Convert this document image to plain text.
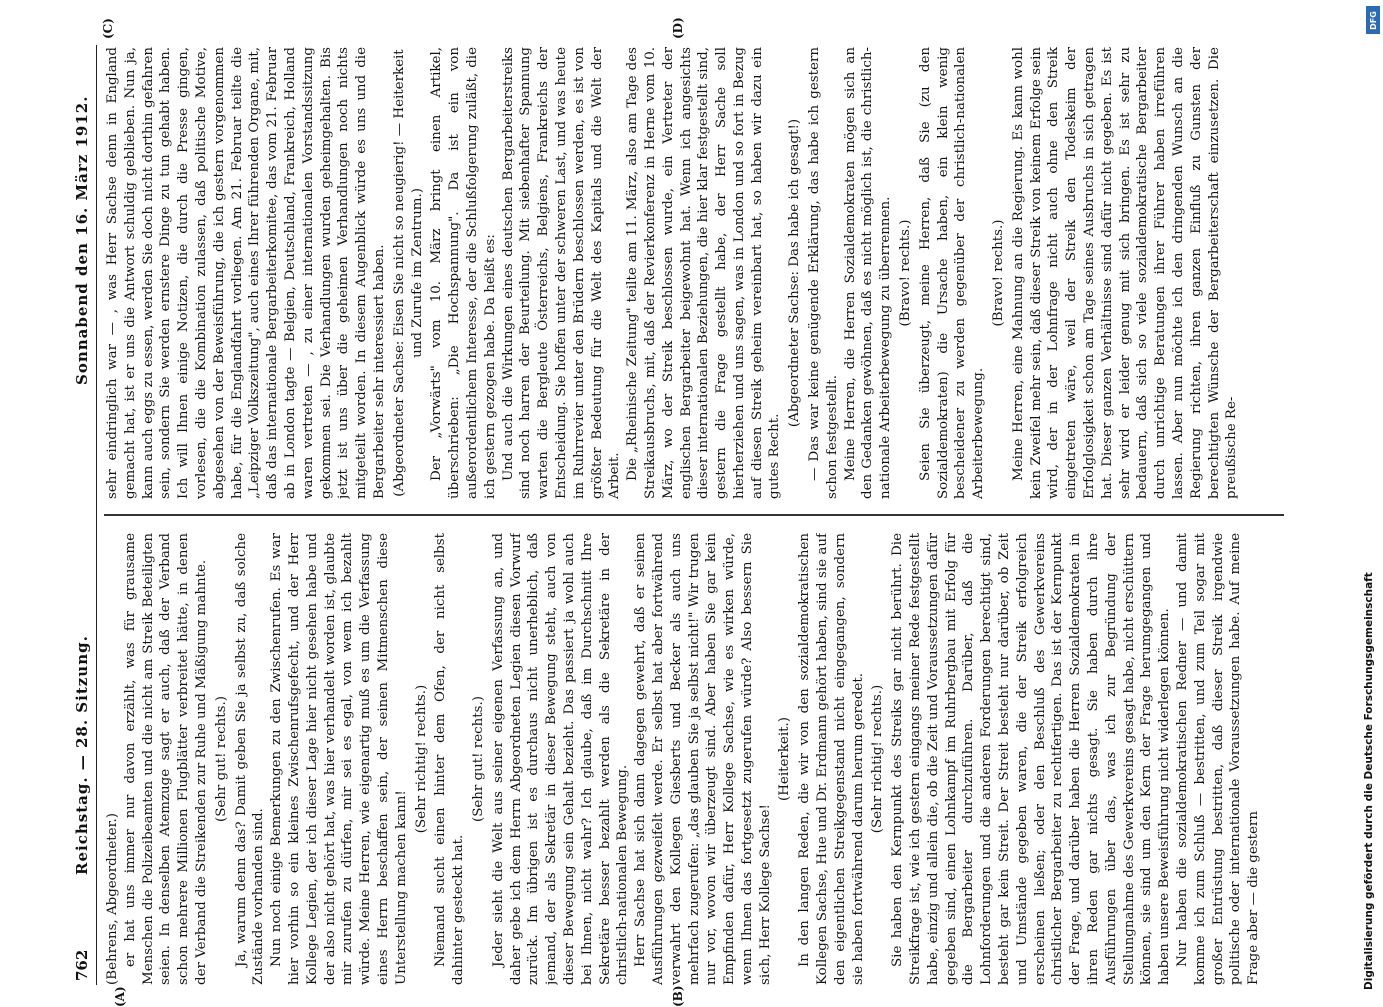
762
Reichstag. — 28. Sitzung.
Sonnabend den 16. März 1912.
(A)	(B)
(C)	(D)

(Behrens, Abgeordneter.) er hat uns immer nur davon erzählt, was für grausame Menschen die Polizeibeamten und die nicht am Streik Beteiligten seien. In denselben Atemzuge sagt er auch, daß der Verband schon mehrere Millionen Flugblätter verbreitet hätte, in denen der Verband die Streikenden zur Ruhe und Mäßigung mahnte. (Sehr gut! rechts.) Ja, warum denn das? Damit geben Sie ja selbst zu, daß solche Zustände vorhanden sind. Nun noch einige Bemerkungen zu den Zwischenrufen. Es war hier vorhin so ein kleines Zwischenrufsgefecht, und der Herr Kollege Legien, der ich dieser Lage hier nicht gesehen habe und der also nicht gehört hat, was hier verhandelt worden ist, glaubte mir zurufen zu dürfen, mir sei es egal, von wem ich bezahlt würde. Meine Herren, wie eigenartig muß es um die Verfassung eines Herrn beschaffen sein, der seinen Mitmenschen diese Unterstellung machen kann!

(Sehr richtig! rechts.) Niemand sucht einen hinter dem Ofen, der nicht selbst dahinter gesteckt hat.

(Sehr gut! rechts.) Jeder sieht die Welt aus seiner eigenen Verfassung an, und daher gebe ich dem Herrn Abgeordneten Legien diesen Vorwurf zurück. Im übrigen ist es durchaus nicht unerheblich, daß jemand, der als Sekretär in dieser Bewegung steht, auch von dieser Bewegung sein Gehalt bezieht. Das passiert ja wohl auch bei Ihnen, nicht wahr? Ich glaube, daß im Durchschnitt Ihre Sekretäre besser bezahlt werden als die Sekretäre in der christlich-nationalen Bewegung. Herr Sachse hat sich dann dagegen gewehrt, daß er seinen Ausführungen gezweifelt werde. Er selbst hat aber fortwährend verwahrt den Kollegen Giesberts und Becker als auch uns mehrfach zugerufen: „das glauben Sie ja selbst nicht!" Wir trugen nur vor, wovon wir überzeugt sind. Aber haben Sie gar kein Empfinden dafür, Herr Kollege Sachse, wie es wirken würde, wenn Ihnen das fortgesetzt zugerufen würde? Also bessern Sie sich, Herr Kollege Sachse!

(Heiterkeit.) In den langen Reden, die wir von den sozialdemokratischen Kollegen Sachse, Hue und Dr. Erdmann gehört haben, sind sie auf den eigentlichen Streikgegenstand nicht eingegangen, sondern sie haben fortwährend darum herum geredet. (Sehr richtig! rechts.) Sie haben den Kernpunkt des Streiks gar nicht berührt. Die Streikfrage ist, wie ich gestern eingangs meiner Rede festgestellt habe, einzig und allein die, ob die Zeit und Voraussetzungen dafür gegeben sind, einen Lohnkampf im Ruhrbergbau mit Erfolg für die Bergarbeiter durchzuführen. Darüber, daß die Lohnforderungen und die anderen Forderungen berechtigt sind, besteht gar kein Streit. Der Streit besteht nur darüber, ob Zeit und Umstände gegeben waren, die der Streik erfolgreich erscheinen ließen; oder den Beschluß des Gewerkvereins christlicher Bergarbeiter zu rechtfertigen. Das ist der Kernpunkt der Frage, und darüber haben die Herren Sozialdemokraten in ihren Reden gar nichts gesagt. Sie haben durch ihre Ausführungen über das, was ich zur Begründung der Stellungnahme des Gewerkvereins gesagt habe, nicht erschüttern können, sie sind um den Kern der Frage herumgegangen und haben unsere Beweisführung nicht widerlegen können. Nur haben die sozialdemokratischen Redner — und damit komme ich zum Schluß — bestritten, und zum Teil sogar mit großer Entrüstung bestritten, daß dieser Streik irgendwie politische oder internationale Voraussetzungen habe. Auf meine Frage aber — die gestern

sehr eindringlich war — , was Herr Sachse denn in England gemacht hat, ist er uns die Antwort schuldig geblieben. Nun ja, kann auch eggs zu essen, werden Sie doch nicht dorthin gefahren sein, sondern Sie werden ernstere Dinge zu tun gehabt haben. Ich will Ihnen einige Notizen, die durch die Presse gingen, vorlesen, die die Kombination zulassen, daß politische Motive, abgesehen von der Beweisführung, die ich gestern vorgenommen habe, für die Englandfahrt vorliegen. Am 21. Februar teilte die „Leipziger Volkszeitung", auch eines Ihrer führenden Organe, mit, daß das internationale Bergarbeiterkomitee, das vom 21. Februar ab in London tagte — Belgien, Deutschland, Frankreich, Holland waren vertreten — , zu einer internationalen Vorstandssitzung gekommen sei. Die Verhandlungen wurden geheimgehalten. Bis jetzt ist uns über die geheimen Verhandlungen noch nichts mitgeteilt worden. In diesem Augenblick würde es uns und die Bergarbeiter sehr interessiert haben. (Abgeordneter Sachse: Eisen Sie nicht so neugierig! — Heiterkeit und Zurufe im Zentrum.) Der „Vorwärts" vom 10. März bringt einen Artikel, überschrieben: „Die Hochspannung". Da ist ein von außerordentlichem Interesse, der die Schlußfolgerung zuläßt, die ich gestern gezogen habe. Da heißt es: Und auch die Wirkungen eines deutschen Bergarbeiterstreiks sind noch harren der Beurteilung. Mit siebenhafter Spannung warten die Bergleute Österreichs, Belgiens, Frankreichs der Entscheidung. Sie hoffen unter der schweren Last, und was heute im Ruhrrevier unter den Brüdern beschlossen werden, es ist von größter Bedeutung für die Welt des Kapitals und die Welt der Arbeit. Die „Rheinische Zeitung" teilte am 11. März, also am Tage des Streikausbruchs, mit, daß der Revierkonferenz in Herne vom 10. März, wo der Streik beschlossen wurde, ein Vertreter der englischen Bergarbeiter beigewohnt hat. Wenn ich angesichts dieser internationalen Beziehungen, die hier klar festgestellt sind, gestern die Frage gestellt habe, der Herr Sache soll hierherziehen und uns sagen, was in London und so fort in Bezug auf diesen Streik geheim vereinbart hat, so haben wir dazu ein gutes Recht.

(Abgeordneter Sachse: Das habe ich gesagt!) — Das war keine genügende Erklärung, das habe ich gestern schon festgestellt. Meine Herren, die Herren Sozialdemokraten mögen sich an den Gedanken gewöhnen, daß es nicht möglich ist, die christlich-nationale Arbeiterbewegung zu überrennen. (Bravo! rechts.) Seien Sie überzeugt, meine Herren, daß Sie (zu den Sozialdemokraten) die Ursache haben, ein klein wenig bescheidener zu werden gegenüber der christlich-nationalen Arbeiterbewegung.

(Bravo! rechts.) Meine Herren, eine Mahnung an die Regierung. Es kann wohl kein Zweifel mehr sein, daß dieser Streik von keinem Erfolge sein wird, der in der Lohnfrage nicht auch ohne den Streik eingetreten wäre, weil der Streik den Todeskeim der Erfolglosigkeit schon am Tage seines Ausbruchs in sich getragen hat. Dieser ganzen Verhältnisse sind dafür nicht gegeben. Es ist sehr wird er leider genug mit sich bringen. Es ist sehr zu bedauern, daß sich so viele sozialdemokratische Bergarbeiter durch unrichtige Beratungen ihrer Führer haben irreführen lassen. Aber nun möchte ich den dringenden Wunsch an die Regierung richten, ihren ganzen Einfluß zu Gunsten der berechtigten Wünsche der Bergarbeiterschaft einzusetzen. Die preußische Re-

DFG
Digitalisierung gefördert durch die Deutsche Forschungsgemeinschaft
